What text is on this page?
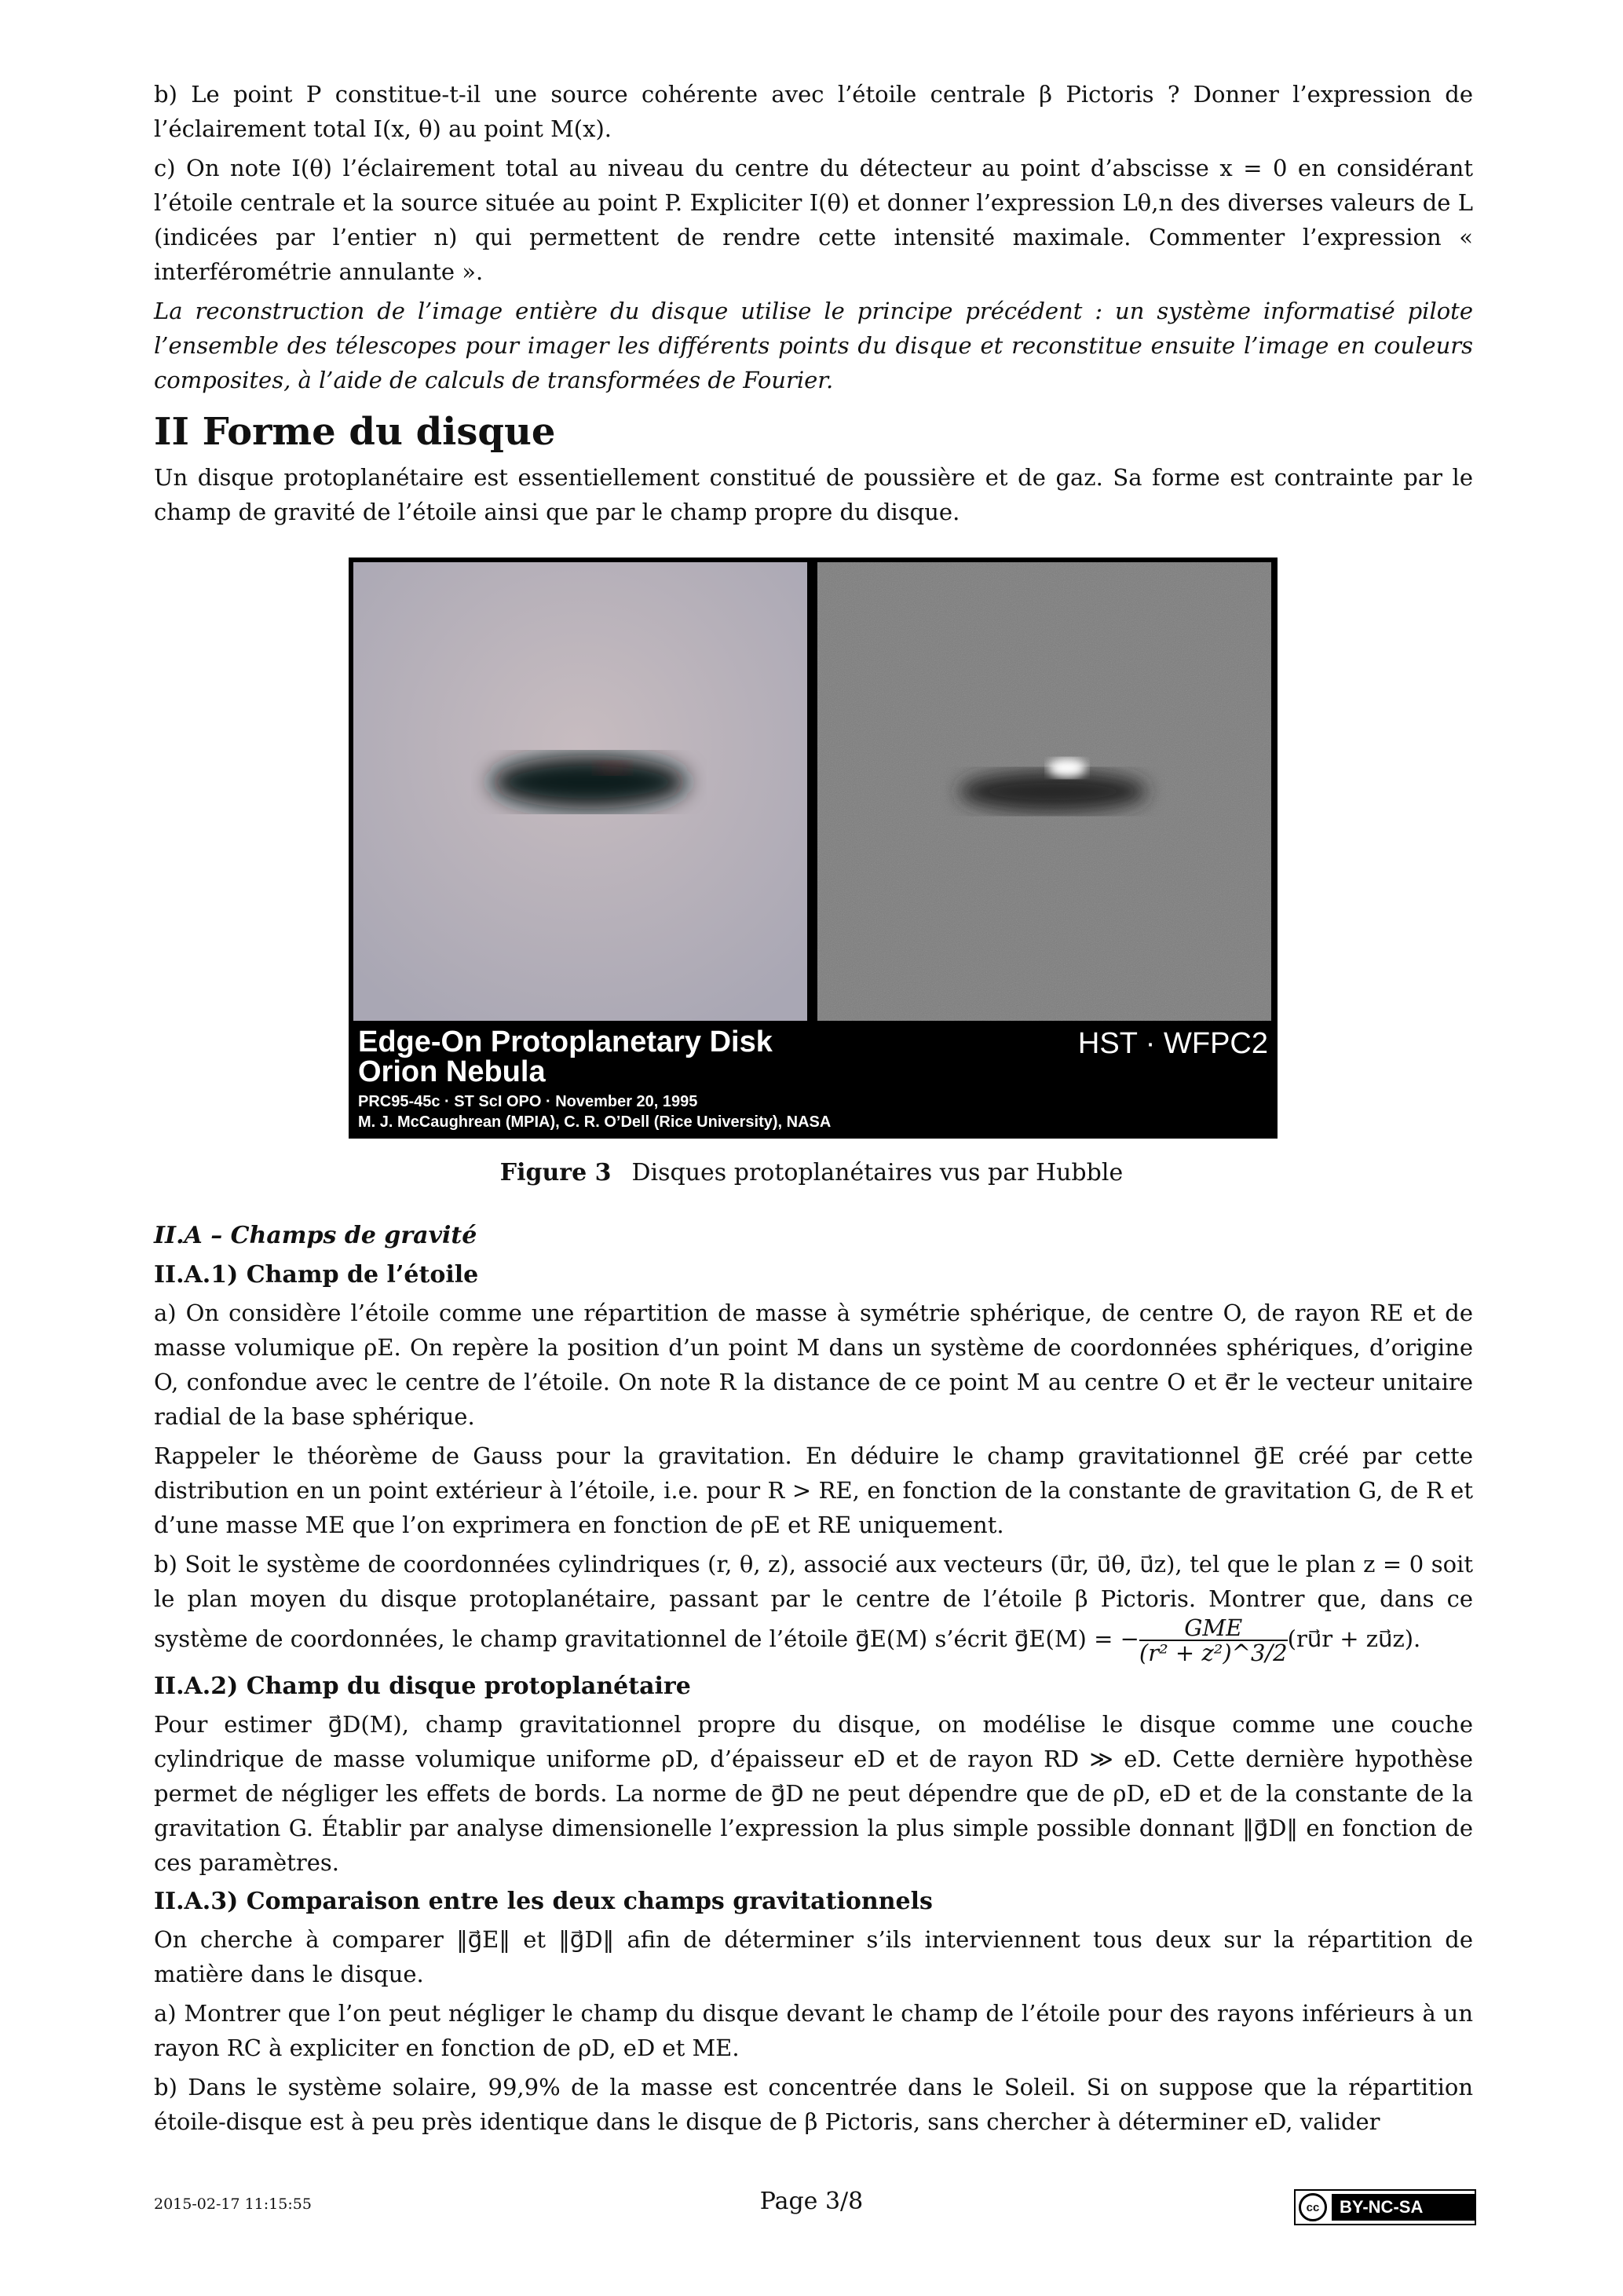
b) Le point P constitue-t-il une source cohérente avec l’étoile centrale β Pictoris ? Donner l’expression de l’éclairement total I(x, θ) au point M(x).

c) On note I(θ) l’éclairement total au niveau du centre du détecteur au point d’abscisse x = 0 en considérant l’étoile centrale et la source située au point P. Expliciter I(θ) et donner l’expression Lθ,n des diverses valeurs de L (indicées par l’entier n) qui permettent de rendre cette intensité maximale. Commenter l’expression « interférométrie annulante ».

La reconstruction de l’image entière du disque utilise le principe précédent : un système informatisé pilote l’ensemble des télescopes pour imager les différents points du disque et reconstitue ensuite l’image en couleurs composites, à l’aide de calculs de transformées de Fourier.

II Forme du disque
Un disque protoplanétaire est essentiellement constitué de poussière et de gaz. Sa forme est contrainte par le champ de gravité de l’étoile ainsi que par le champ propre du disque.
Edge-On Protoplanetary Disk
Orion Nebula
PRC95-45c · ST ScI OPO · November 20, 1995
M. J. McCaughrean (MPIA), C. R. O’Dell (Rice University), NASA
HST · WFPC2
Figure 3 Disques protoplanétaires vus par Hubble
II.A – Champs de gravité
II.A.1) Champ de l’étoile

a) On considère l’étoile comme une répartition de masse à symétrie sphérique, de centre O, de rayon RE et de masse volumique ρE. On repère la position d’un point M dans un système de coordonnées sphériques, d’origine O, confondue avec le centre de l’étoile. On note R la distance de ce point M au centre O et e⃗r le vecteur unitaire radial de la base sphérique.

Rappeler le théorème de Gauss pour la gravitation. En déduire le champ gravitationnel g⃗E créé par cette distribution en un point extérieur à l’étoile, i.e. pour R > RE, en fonction de la constante de gravitation G, de R et d’une masse ME que l’on exprimera en fonction de ρE et RE uniquement.

b) Soit le système de coordonnées cylindriques (r, θ, z), associé aux vecteurs (u⃗r, u⃗θ, u⃗z), tel que le plan z = 0 soit le plan moyen du disque protoplanétaire, passant par le centre de l’étoile β Pictoris. Montrer que, dans ce système de coordonnées, le champ gravitationnel de l’étoile g⃗E(M) s’écrit g⃗E(M) = − $\frac{\text{GME}}{\text{(r² + z²)\textasciicircum{}3/2}}$ (ru⃗r + zu⃗z).

II.A.2) Champ du disque protoplanétaire

Pour estimer g⃗D(M), champ gravitationnel propre du disque, on modélise le disque comme une couche cylindrique de masse volumique uniforme ρD, d’épaisseur eD et de rayon RD ≫ eD. Cette dernière hypothèse permet de négliger les effets de bords. La norme de g⃗D ne peut dépendre que de ρD, eD et de la constante de la gravitation G. Établir par analyse dimensionelle l’expression la plus simple possible donnant ‖g⃗D‖ en fonction de ces paramètres.

II.A.3) Comparaison entre les deux champs gravitationnels

On cherche à comparer ‖g⃗E‖ et ‖g⃗D‖ afin de déterminer s’ils interviennent tous deux sur la répartition de matière dans le disque.

a) Montrer que l’on peut négliger le champ du disque devant le champ de l’étoile pour des rayons inférieurs à un rayon RC à expliciter en fonction de ρD, eD et ME.

b) Dans le système solaire, 99,9% de la masse est concentrée dans le Soleil. Si on suppose que la répartition étoile-disque est à peu près identique dans le disque de β Pictoris, sans chercher à déterminer eD, valider

2015-02-17 11:15:55	Page 3/8	cc	BY-NC-SA
